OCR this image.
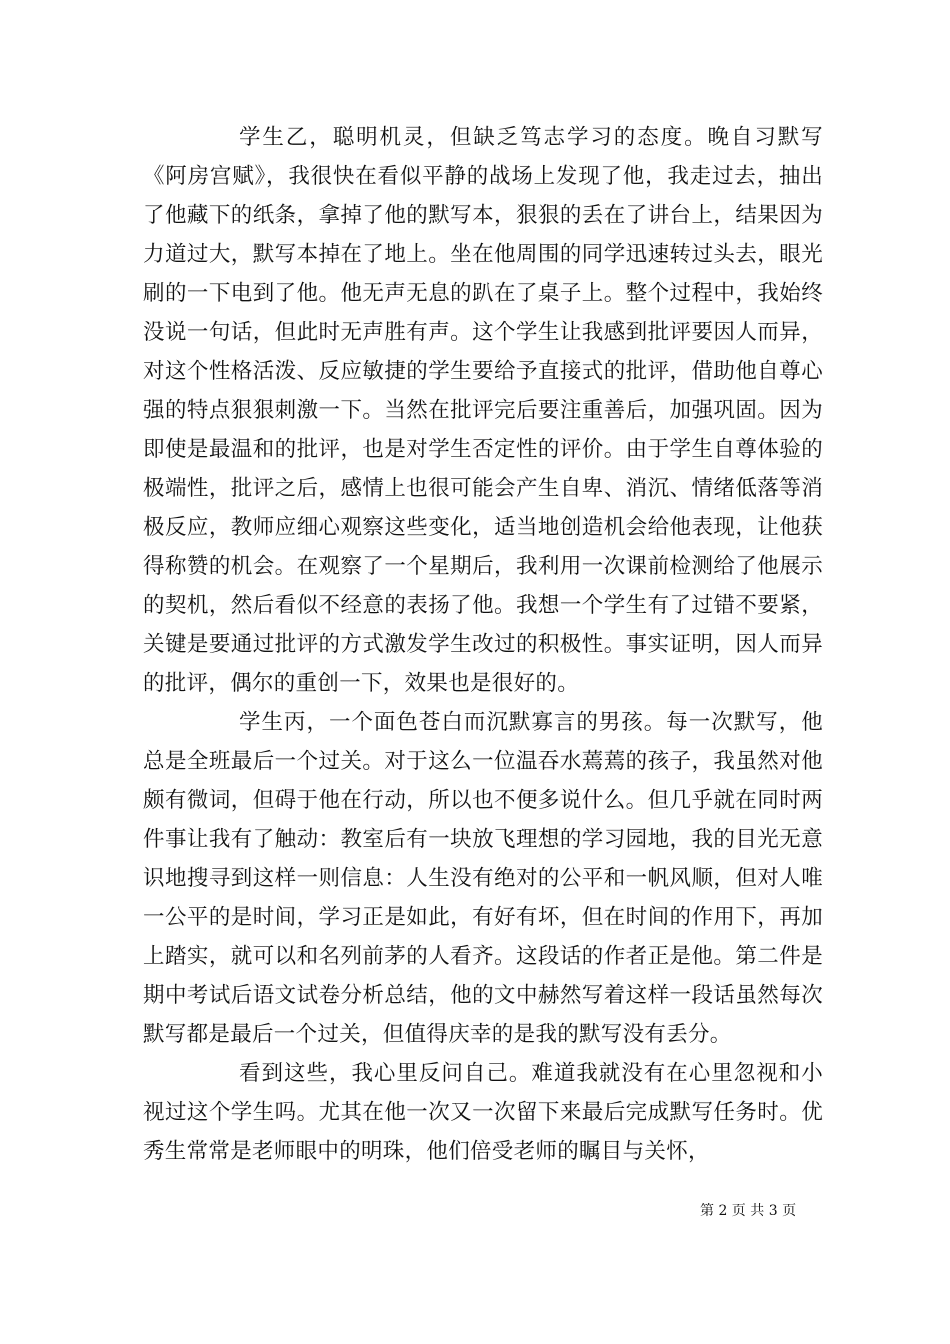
学生乙，聪明机灵，但缺乏笃志学习的态度。晚自习默写《阿房宫赋》，我很快在看似平静的战场上发现了他，我走过去，抽出了他藏下的纸条，拿掉了他的默写本，狠狠的丢在了讲台上，结果因为力道过大，默写本掉在了地上。坐在他周围的同学迅速转过头去，眼光刷的一下电到了他。他无声无息的趴在了桌子上。整个过程中，我始终没说一句话，但此时无声胜有声。这个学生让我感到批评要因人而异，对这个性格活泼、反应敏捷的学生要给予直接式的批评，借助他自尊心强的特点狠狠刺激一下。当然在批评完后要注重善后，加强巩固。因为即使是最温和的批评，也是对学生否定性的评价。由于学生自尊体验的极端性，批评之后，感情上也很可能会产生自卑、消沉、情绪低落等消极反应，教师应细心观察这些变化，适当地创造机会给他表现，让他获得称赞的机会。在观察了一个星期后，我利用一次课前检测给了他展示的契机，然后看似不经意的表扬了他。我想一个学生有了过错不要紧，关键是要通过批评的方式激发学生改过的积极性。事实证明，因人而异的批评，偶尔的重创一下，效果也是很好的。

学生丙，一个面色苍白而沉默寡言的男孩。每一次默写，他总是全班最后一个过关。对于这么一位温吞水蔫蔫的孩子，我虽然对他颇有微词，但碍于他在行动，所以也不便多说什么。但几乎就在同时两件事让我有了触动：教室后有一块放飞理想的学习园地，我的目光无意识地搜寻到这样一则信息：人生没有绝对的公平和一帆风顺，但对人唯一公平的是时间，学习正是如此，有好有坏，但在时间的作用下，再加上踏实，就可以和名列前茅的人看齐。这段话的作者正是他。第二件是期中考试后语文试卷分析总结，他的文中赫然写着这样一段话虽然每次默写都是最后一个过关，但值得庆幸的是我的默写没有丢分。

看到这些，我心里反问自己。难道我就没有在心里忽视和小视过这个学生吗。尤其在他一次又一次留下来最后完成默写任务时。优秀生常常是老师眼中的明珠，他们倍受老师的瞩目与关怀，

第 2 页 共 3 页
